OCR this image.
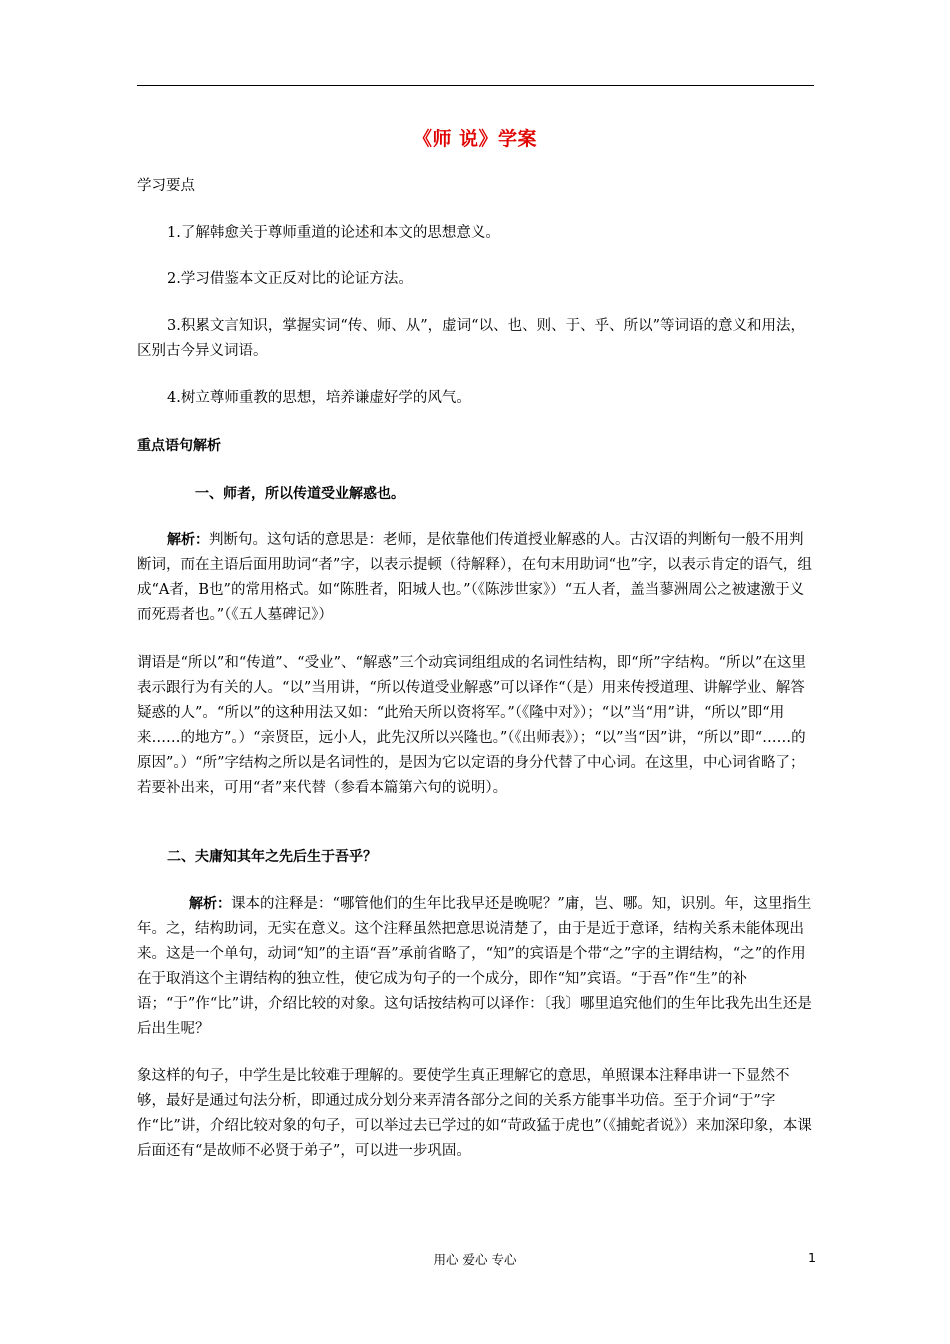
《师 说》学案
学习要点
1.了解韩愈关于尊师重道的论述和本文的思想意义。
2.学习借鉴本文正反对比的论证方法。
3.积累文言知识，掌握实词“传、师、从”，虚词“以、也、则、于、乎、所以”等词语的意义和用法，区别古今异义词语。
4.树立尊师重教的思想，培养谦虚好学的风气。
重点语句解析
一、师者，所以传道受业解惑也。
解析：判断句。这句话的意思是：老师，是依靠他们传道授业解惑的人。古汉语的判断句一般不用判断词，而在主语后面用助词“者”字，以表示提顿（待解释），在句末用助词“也”字，以表示肯定的语气，组成“A者，B也”的常用格式。如“陈胜者，阳城人也。”（《陈涉世家》）“五人者，盖当蓼洲周公之被逮激于义而死焉者也。”（《五人墓碑记》）
谓语是“所以”和“传道”、“受业”、“解惑”三个动宾词组组成的名词性结构，即“所”字结构。“所以”在这里表示跟行为有关的人。“以”当用讲，“所以传道受业解惑”可以译作“（是）用来传授道理、讲解学业、解答疑惑的人”。“所以”的这种用法又如：“此殆天所以资将军。”（《隆中对》）；“以”当“用”讲，“所以”即“用来……的地方”。）“亲贤臣，远小人，此先汉所以兴隆也。”（《出师表》）；“以”当“因”讲，“所以”即“……的原因”。）“所”字结构之所以是名词性的，是因为它以定语的身分代替了中心词。在这里，中心词省略了；若要补出来，可用“者”来代替（参看本篇第六句的说明）。
二、夫庸知其年之先后生于吾乎？
解析：课本的注释是：“哪管他们的生年比我早还是晚呢？”庸，岂、哪。知，识别。年，这里指生年。之，结构助词，无实在意义。这个注释虽然把意思说清楚了，由于是近于意译，结构关系未能体现出来。这是一个单句，动词“知”的主语“吾”承前省略了，“知”的宾语是个带“之”字的主谓结构，“之”的作用在于取消这个主谓结构的独立性，使它成为句子的一个成分，即作“知”宾语。“于吾”作“生”的补语；“于”作“比”讲，介绍比较的对象。这句话按结构可以译作：〔我〕哪里追究他们的生年比我先出生还是后出生呢？
象这样的句子，中学生是比较难于理解的。要使学生真正理解它的意思，单照课本注释串讲一下显然不够，最好是通过句法分析，即通过成分划分来弄清各部分之间的关系方能事半功倍。至于介词“于”字作“比”讲，介绍比较对象的句子，可以举过去已学过的如“苛政猛于虎也”（《捕蛇者说》）来加深印象，本课后面还有“是故师不必贤于弟子”，可以进一步巩固。
用心 爱心 专心	1
